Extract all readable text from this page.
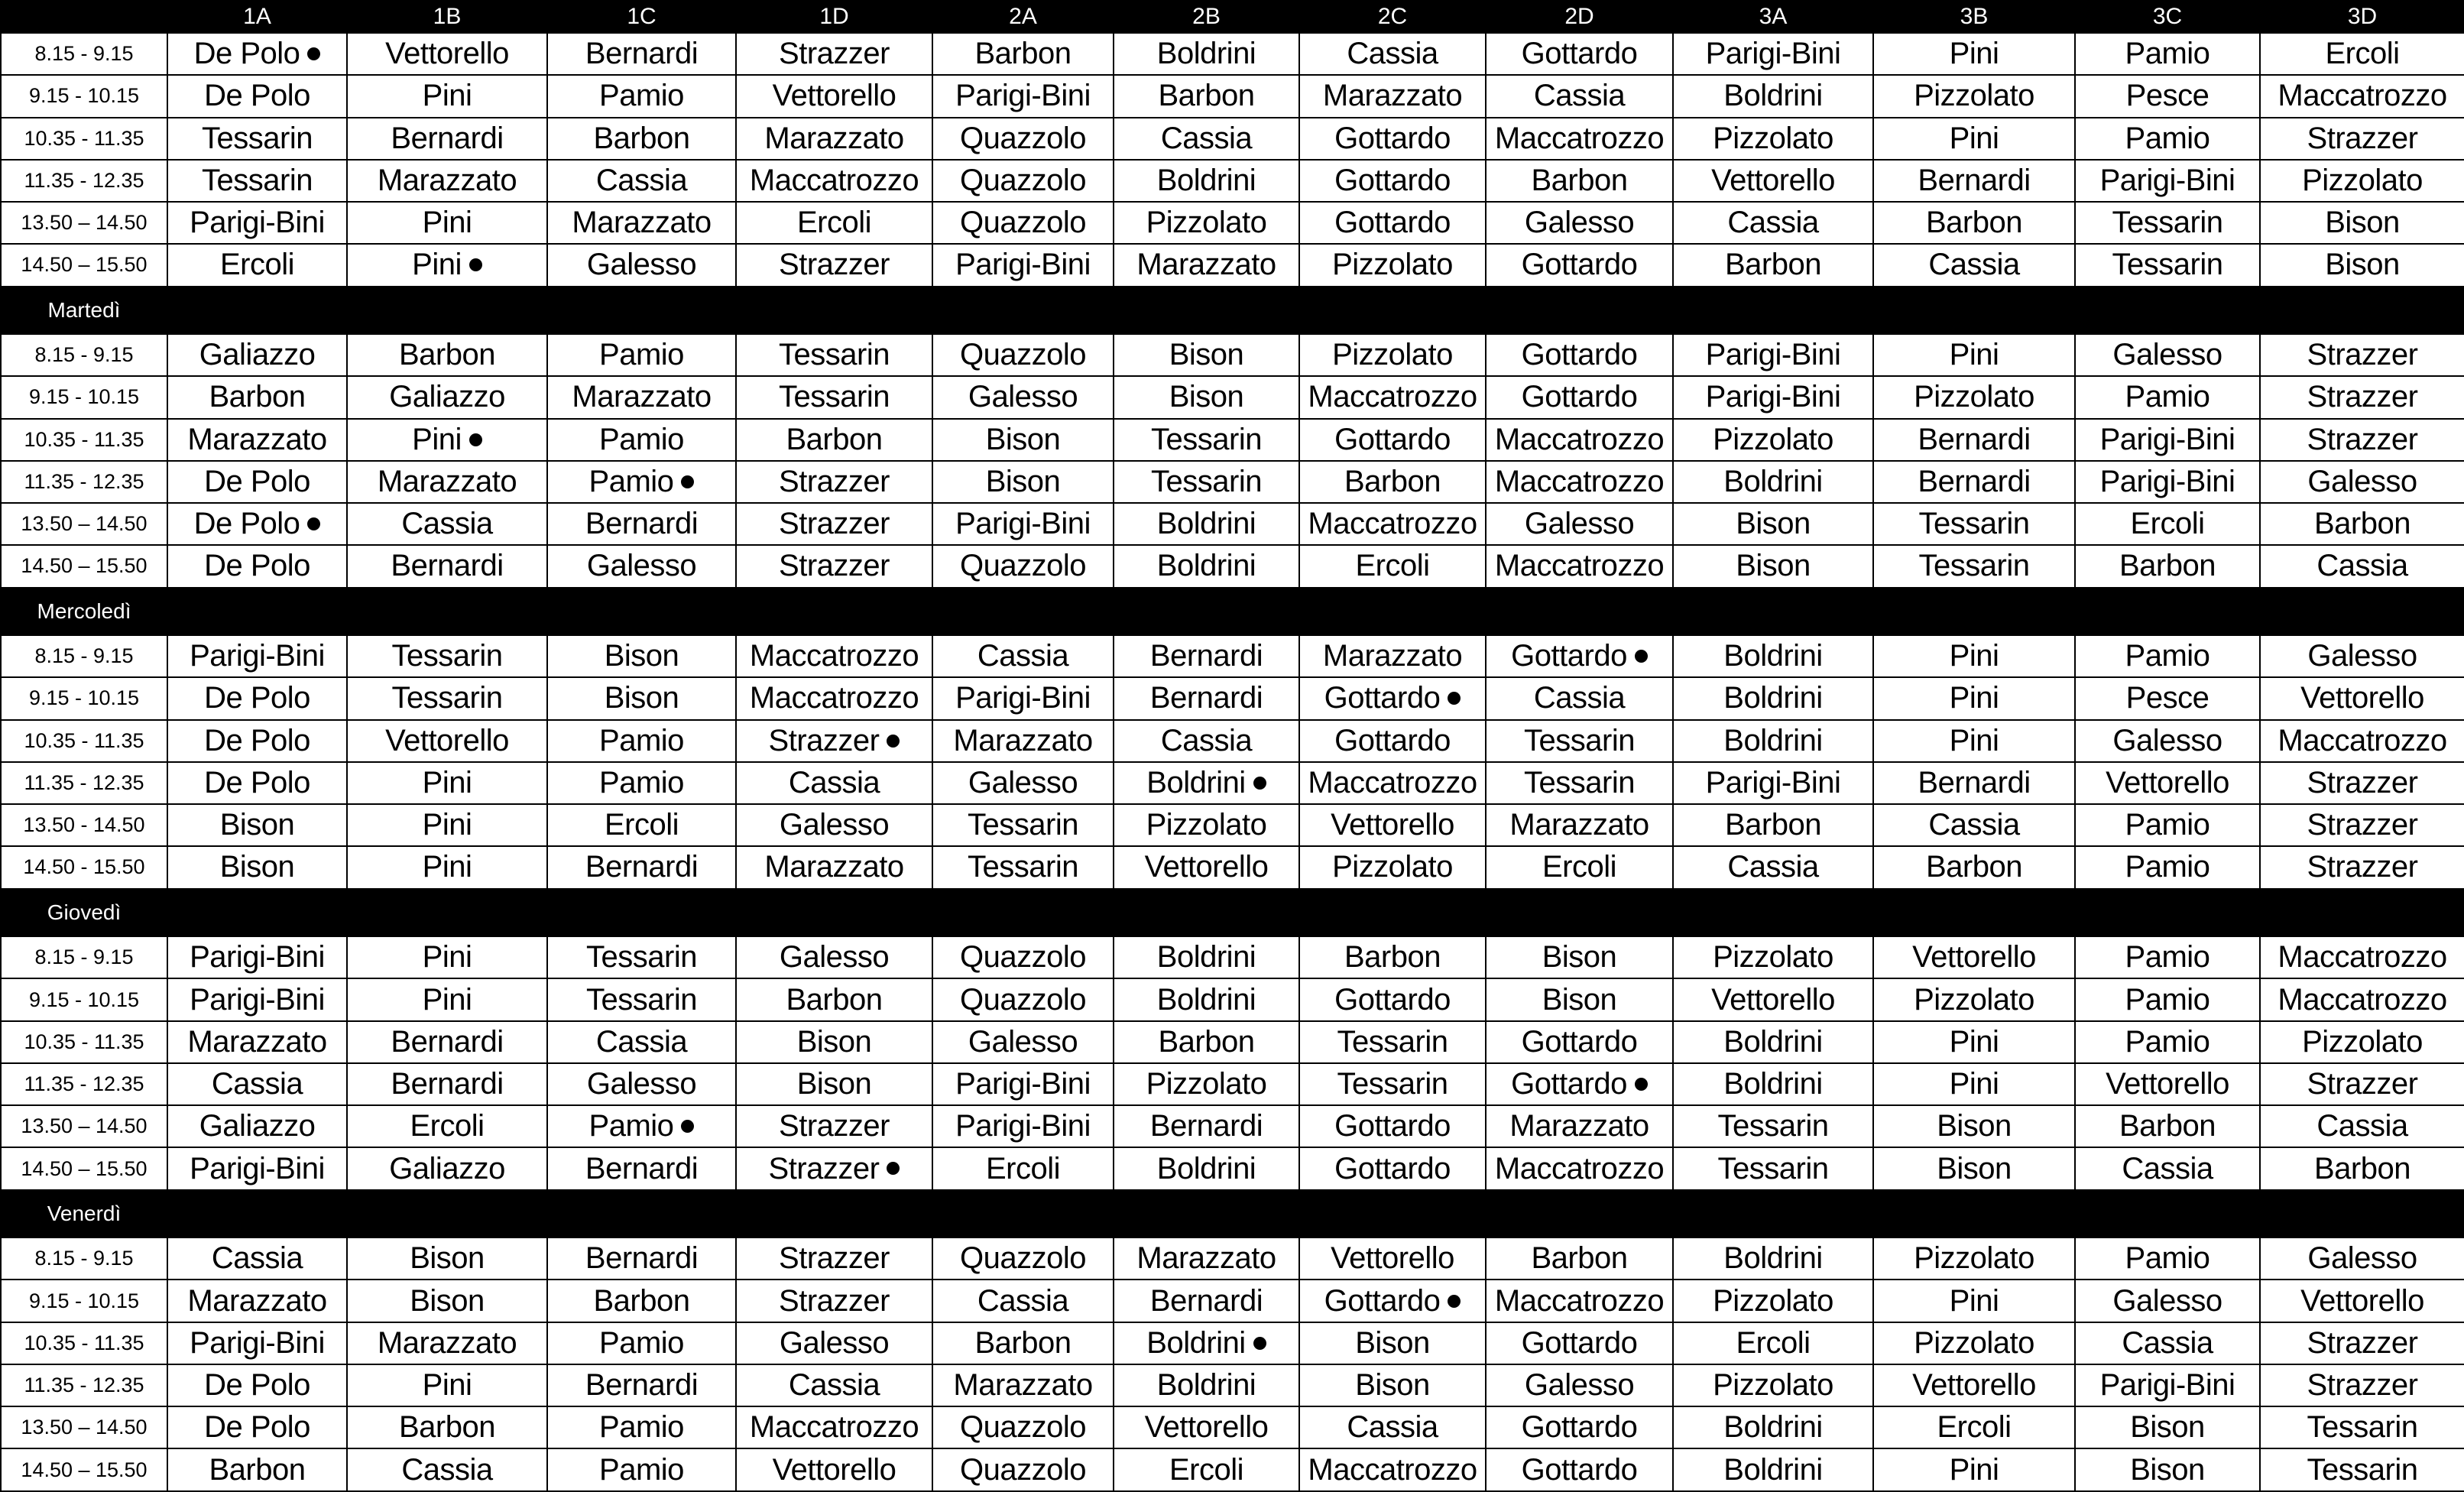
	1A	1B	1C	1D	2A	2B	2C	2D	3A	3B	3C	3D
8.15 - 9.15	De Polo	Vettorello	Bernardi	Strazzer	Barbon	Boldrini	Cassia	Gottardo	Parigi-Bini	Pini	Pamio	Ercoli
9.15 - 10.15	De Polo	Pini	Pamio	Vettorello	Parigi-Bini	Barbon	Marazzato	Cassia	Boldrini	Pizzolato	Pesce	Maccatrozzo
10.35 - 11.35	Tessarin	Bernardi	Barbon	Marazzato	Quazzolo	Cassia	Gottardo	Maccatrozzo	Pizzolato	Pini	Pamio	Strazzer
11.35 - 12.35	Tessarin	Marazzato	Cassia	Maccatrozzo	Quazzolo	Boldrini	Gottardo	Barbon	Vettorello	Bernardi	Parigi-Bini	Pizzolato
13.50 – 14.50	Parigi-Bini	Pini	Marazzato	Ercoli	Quazzolo	Pizzolato	Gottardo	Galesso	Cassia	Barbon	Tessarin	Bison
14.50 – 15.50	Ercoli	Pini	Galesso	Strazzer	Parigi-Bini	Marazzato	Pizzolato	Gottardo	Barbon	Cassia	Tessarin	Bison
Martedì												
8.15 - 9.15	Galiazzo	Barbon	Pamio	Tessarin	Quazzolo	Bison	Pizzolato	Gottardo	Parigi-Bini	Pini	Galesso	Strazzer
9.15 - 10.15	Barbon	Galiazzo	Marazzato	Tessarin	Galesso	Bison	Maccatrozzo	Gottardo	Parigi-Bini	Pizzolato	Pamio	Strazzer
10.35 - 11.35	Marazzato	Pini	Pamio	Barbon	Bison	Tessarin	Gottardo	Maccatrozzo	Pizzolato	Bernardi	Parigi-Bini	Strazzer
11.35 - 12.35	De Polo	Marazzato	Pamio	Strazzer	Bison	Tessarin	Barbon	Maccatrozzo	Boldrini	Bernardi	Parigi-Bini	Galesso
13.50 – 14.50	De Polo	Cassia	Bernardi	Strazzer	Parigi-Bini	Boldrini	Maccatrozzo	Galesso	Bison	Tessarin	Ercoli	Barbon
14.50 – 15.50	De Polo	Bernardi	Galesso	Strazzer	Quazzolo	Boldrini	Ercoli	Maccatrozzo	Bison	Tessarin	Barbon	Cassia
Mercoledì												
8.15 - 9.15	Parigi-Bini	Tessarin	Bison	Maccatrozzo	Cassia	Bernardi	Marazzato	Gottardo	Boldrini	Pini	Pamio	Galesso
9.15 - 10.15	De Polo	Tessarin	Bison	Maccatrozzo	Parigi-Bini	Bernardi	Gottardo	Cassia	Boldrini	Pini	Pesce	Vettorello
10.35 - 11.35	De Polo	Vettorello	Pamio	Strazzer	Marazzato	Cassia	Gottardo	Tessarin	Boldrini	Pini	Galesso	Maccatrozzo
11.35 - 12.35	De Polo	Pini	Pamio	Cassia	Galesso	Boldrini	Maccatrozzo	Tessarin	Parigi-Bini	Bernardi	Vettorello	Strazzer
13.50 - 14.50	Bison	Pini	Ercoli	Galesso	Tessarin	Pizzolato	Vettorello	Marazzato	Barbon	Cassia	Pamio	Strazzer
14.50 - 15.50	Bison	Pini	Bernardi	Marazzato	Tessarin	Vettorello	Pizzolato	Ercoli	Cassia	Barbon	Pamio	Strazzer
Giovedì												
8.15 - 9.15	Parigi-Bini	Pini	Tessarin	Galesso	Quazzolo	Boldrini	Barbon	Bison	Pizzolato	Vettorello	Pamio	Maccatrozzo
9.15 - 10.15	Parigi-Bini	Pini	Tessarin	Barbon	Quazzolo	Boldrini	Gottardo	Bison	Vettorello	Pizzolato	Pamio	Maccatrozzo
10.35 - 11.35	Marazzato	Bernardi	Cassia	Bison	Galesso	Barbon	Tessarin	Gottardo	Boldrini	Pini	Pamio	Pizzolato
11.35 - 12.35	Cassia	Bernardi	Galesso	Bison	Parigi-Bini	Pizzolato	Tessarin	Gottardo	Boldrini	Pini	Vettorello	Strazzer
13.50 – 14.50	Galiazzo	Ercoli	Pamio	Strazzer	Parigi-Bini	Bernardi	Gottardo	Marazzato	Tessarin	Bison	Barbon	Cassia
14.50 – 15.50	Parigi-Bini	Galiazzo	Bernardi	Strazzer	Ercoli	Boldrini	Gottardo	Maccatrozzo	Tessarin	Bison	Cassia	Barbon
Venerdì												
8.15 - 9.15	Cassia	Bison	Bernardi	Strazzer	Quazzolo	Marazzato	Vettorello	Barbon	Boldrini	Pizzolato	Pamio	Galesso
9.15 - 10.15	Marazzato	Bison	Barbon	Strazzer	Cassia	Bernardi	Gottardo	Maccatrozzo	Pizzolato	Pini	Galesso	Vettorello
10.35 - 11.35	Parigi-Bini	Marazzato	Pamio	Galesso	Barbon	Boldrini	Bison	Gottardo	Ercoli	Pizzolato	Cassia	Strazzer
11.35 - 12.35	De Polo	Pini	Bernardi	Cassia	Marazzato	Boldrini	Bison	Galesso	Pizzolato	Vettorello	Parigi-Bini	Strazzer
13.50 – 14.50	De Polo	Barbon	Pamio	Maccatrozzo	Quazzolo	Vettorello	Cassia	Gottardo	Boldrini	Ercoli	Bison	Tessarin
14.50 – 15.50	Barbon	Cassia	Pamio	Vettorello	Quazzolo	Ercoli	Maccatrozzo	Gottardo	Boldrini	Pini	Bison	Tessarin
